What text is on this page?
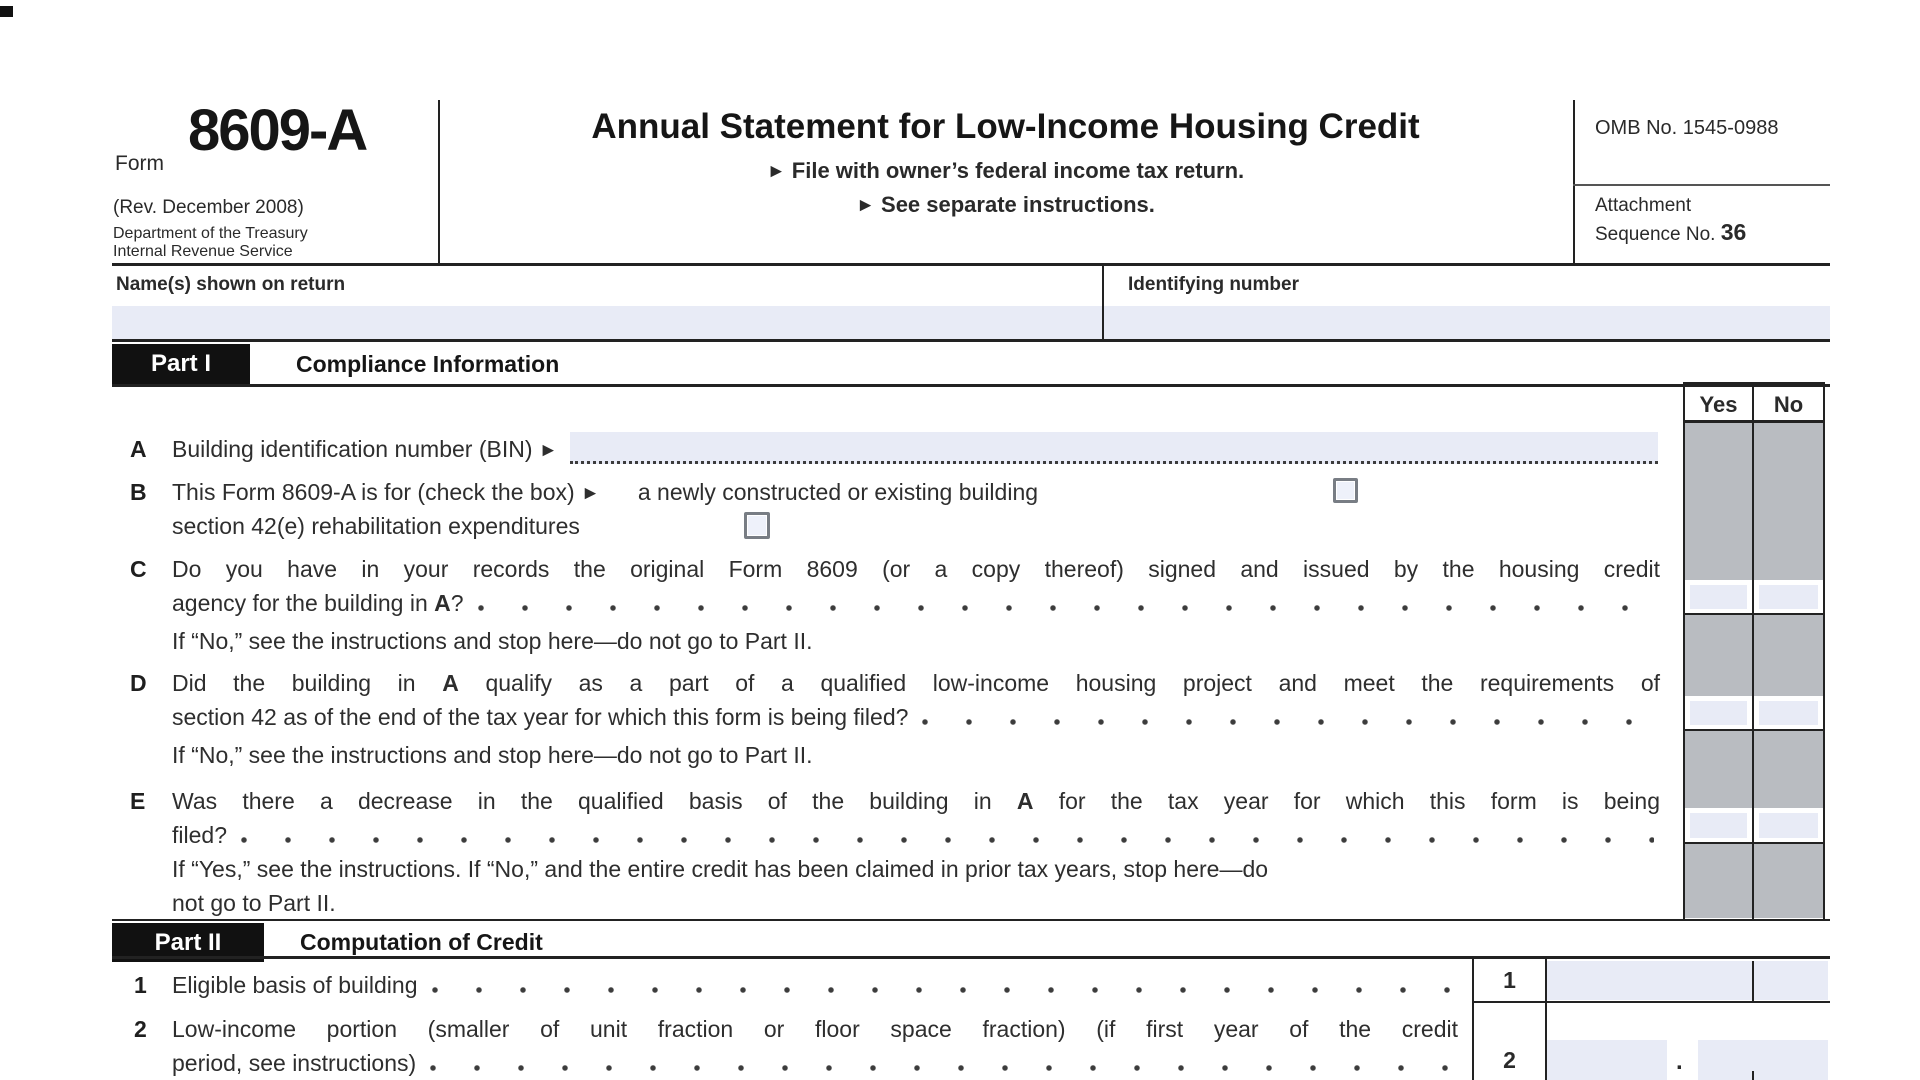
Form
8609-A
(Rev. December 2008)
Department of the Treasury
Internal Revenue Service
Annual Statement for Low-Income Housing Credit
► File with owner’s federal income tax return.
► See separate instructions.
OMB No. 1545-0988
Attachment
Sequence No. 36
Name(s) shown on return	Identifying number
Part I	Compliance Information
Yes	No
A Building identification number (BIN)
►
B This Form 8609-A is for (check the box)
► a newly constructed or existing building
section 42(e) rehabilitation expenditures
C Do you have in your records the original Form 8609 (or a copy thereof) signed and issued by the housing credit
agency for the building in A ?
If “No,” see the instructions and stop here—do not go to Part II.
D Did the building in A qualify as a part of a qualified low-income housing project and meet the requirements of
section 42 as of the end of the tax year for which this form is being filed?
If “No,” see the instructions and stop here—do not go to Part II.
E Was there a decrease in the qualified basis of the building in A for the tax year for which this form is being
filed?
If “Yes,” see the instructions. If “No,” and the entire credit has been claimed in prior tax years, stop here—do
not go to Part II.
Part II	Computation of Credit
1 Eligible basis of building	1
2 Low-income portion (smaller of unit fraction or floor space fraction) (if first year of the credit
period, see instructions)	2	.
